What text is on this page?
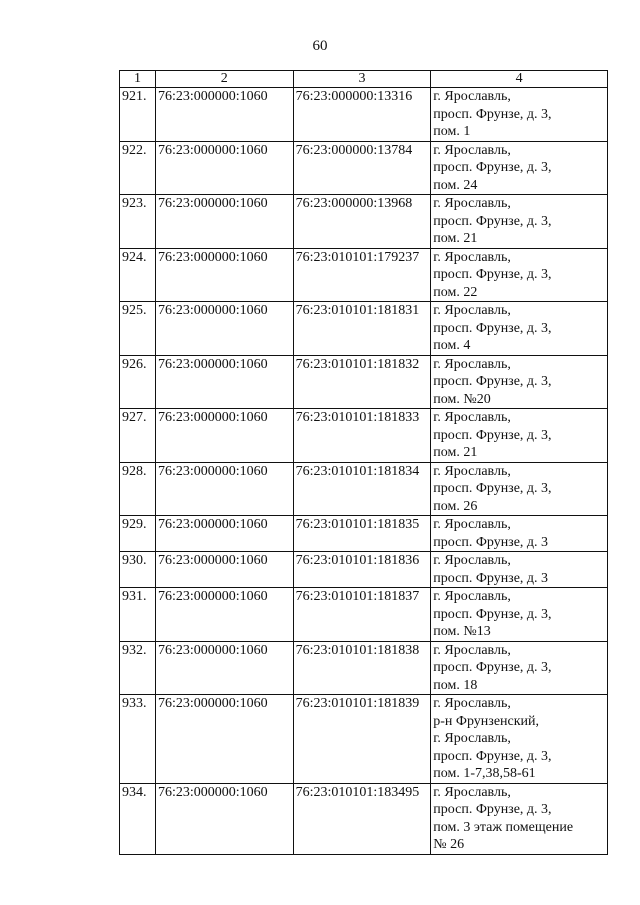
60
1	2	3	4
921.	76:23:000000:1060	76:23:000000:13316	г. Ярославль,
просп. Фрунзе, д. 3,
пом. 1

922.	76:23:000000:1060	76:23:000000:13784	г. Ярославль,
просп. Фрунзе, д. 3,
пом. 24

923.	76:23:000000:1060	76:23:000000:13968	г. Ярославль,
просп. Фрунзе, д. 3,
пом. 21

924.	76:23:000000:1060	76:23:010101:179237	г. Ярославль,
просп. Фрунзе, д. 3,
пом. 22

925.	76:23:000000:1060	76:23:010101:181831	г. Ярославль,
просп. Фрунзе, д. 3,
пом. 4

926.	76:23:000000:1060	76:23:010101:181832	г. Ярославль,
просп. Фрунзе, д. 3,
пом. №20

927.	76:23:000000:1060	76:23:010101:181833	г. Ярославль,
просп. Фрунзе, д. 3,
пом. 21

928.	76:23:000000:1060	76:23:010101:181834	г. Ярославль,
просп. Фрунзе, д. 3,
пом. 26

929.	76:23:000000:1060	76:23:010101:181835	г. Ярославль,
просп. Фрунзе, д. 3

930.	76:23:000000:1060	76:23:010101:181836	г. Ярославль,
просп. Фрунзе, д. 3

931.	76:23:000000:1060	76:23:010101:181837	г. Ярославль,
просп. Фрунзе, д. 3,
пом. №13

932.	76:23:000000:1060	76:23:010101:181838	г. Ярославль,
просп. Фрунзе, д. 3,
пом. 18

933.	76:23:000000:1060	76:23:010101:181839	г. Ярославль,
р-н Фрунзенский,
г. Ярославль,
просп. Фрунзе, д. 3,
пом. 1-7,38,58-61

934.	76:23:000000:1060	76:23:010101:183495	г. Ярославль,
просп. Фрунзе, д. 3,
пом. 3 этаж помещение
№ 26
